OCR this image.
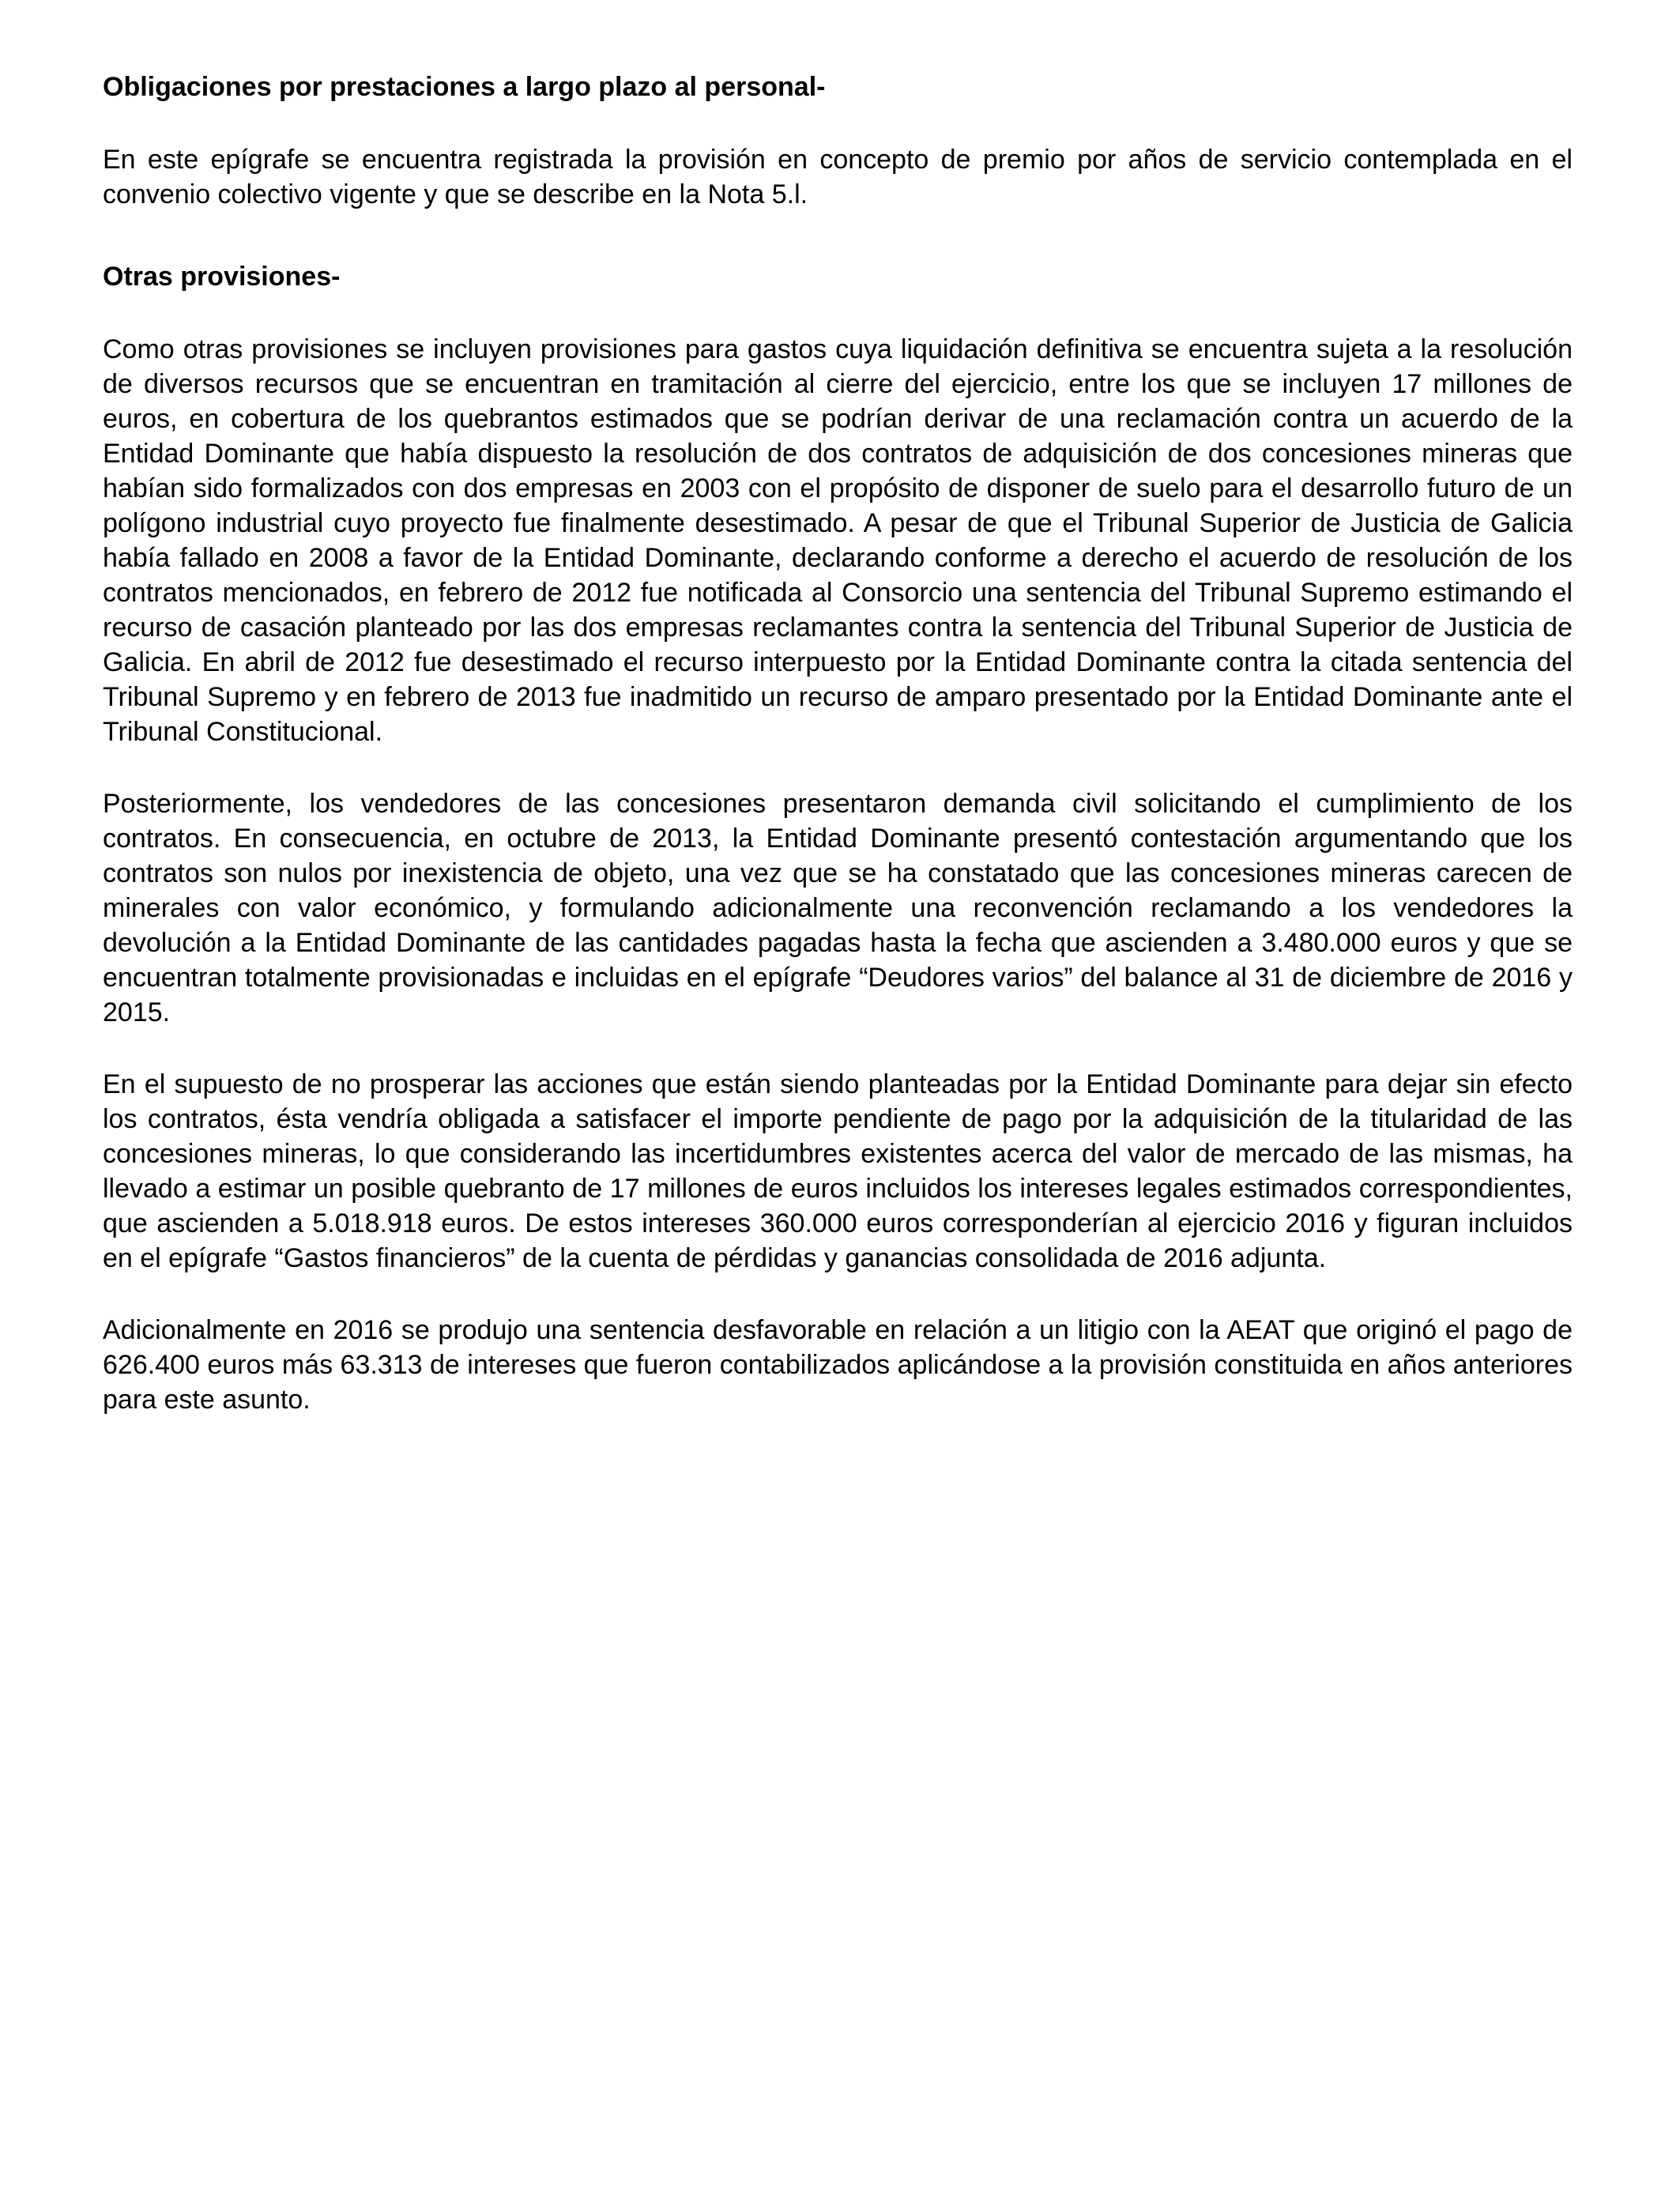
Obligaciones por prestaciones a largo plazo al personal-

En este epígrafe se encuentra registrada la provisión en concepto de premio por años de servicio contemplada en el convenio colectivo vigente y que se describe en la Nota 5.l.

Otras provisiones-

Como otras provisiones se incluyen provisiones para gastos cuya liquidación definitiva se encuentra sujeta a la resolución de diversos recursos que se encuentran en tramitación al cierre del ejercicio, entre los que se incluyen 17 millones de euros, en cobertura de los quebrantos estimados que se podrían derivar de una reclamación contra un acuerdo de la Entidad Dominante que había dispuesto la resolución de dos contratos de adquisición de dos concesiones mineras que habían sido formalizados con dos empresas en 2003 con el propósito de disponer de suelo para el desarrollo futuro de un polígono industrial cuyo proyecto fue finalmente desestimado. A pesar de que el Tribunal Superior de Justicia de Galicia había fallado en 2008 a favor de la Entidad Dominante, declarando conforme a derecho el acuerdo de resolución de los contratos mencionados, en febrero de 2012 fue notificada al Consorcio una sentencia del Tribunal Supremo estimando el recurso de casación planteado por las dos empresas reclamantes contra la sentencia del Tribunal Superior de Justicia de Galicia. En abril de 2012 fue desestimado el recurso interpuesto por la Entidad Dominante contra la citada sentencia del Tribunal Supremo y en febrero de 2013 fue inadmitido un recurso de amparo presentado por la Entidad Dominante ante el Tribunal Constitucional.

Posteriormente, los vendedores de las concesiones presentaron demanda civil solicitando el cumplimiento de los contratos. En consecuencia, en octubre de 2013, la Entidad Dominante presentó contestación argumentando que los contratos son nulos por inexistencia de objeto, una vez que se ha constatado que las concesiones mineras carecen de minerales con valor económico, y formulando adicionalmente una reconvención reclamando a los vendedores la devolución a la Entidad Dominante de las cantidades pagadas hasta la fecha que ascienden a 3.480.000 euros y que se encuentran totalmente provisionadas e incluidas en el epígrafe “Deudores varios” del balance al 31 de diciembre de 2016 y 2015.

En el supuesto de no prosperar las acciones que están siendo planteadas por la Entidad Dominante para dejar sin efecto los contratos, ésta vendría obligada a satisfacer el importe pendiente de pago por la adquisición de la titularidad de las concesiones mineras, lo que considerando las incertidumbres existentes acerca del valor de mercado de las mismas, ha llevado a estimar un posible quebranto de 17 millones de euros incluidos los intereses legales estimados correspondientes, que ascienden a 5.018.918 euros. De estos intereses 360.000 euros corresponderían al ejercicio 2016 y figuran incluidos en el epígrafe “Gastos financieros” de la cuenta de pérdidas y ganancias consolidada de 2016 adjunta.

Adicionalmente en 2016 se produjo una sentencia desfavorable en relación a un litigio con la AEAT que originó el pago de 626.400 euros más 63.313 de intereses que fueron contabilizados aplicándose a la provisión constituida en años anteriores para este asunto.
